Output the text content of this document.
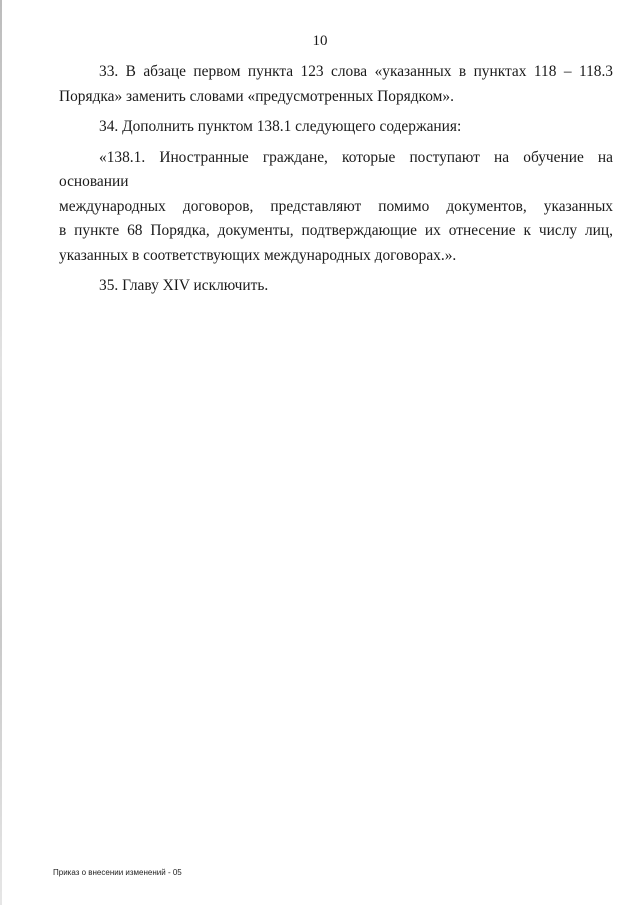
10

33. В абзаце первом пункта 123 слова «указанных в пунктах 118 – 118.3
Порядка» заменить словами «предусмотренных Порядком».

34. Дополнить пунктом 138.1 следующего содержания:

«138.1. Иностранные граждане, которые поступают на обучение на основании
международных договоров, представляют помимо документов, указанных
в пункте 68 Порядка, документы, подтверждающие их отнесение к числу лиц,
указанных в соответствующих международных договорах.».

35. Главу XIV исключить.

Приказ о внесении изменений - 05
